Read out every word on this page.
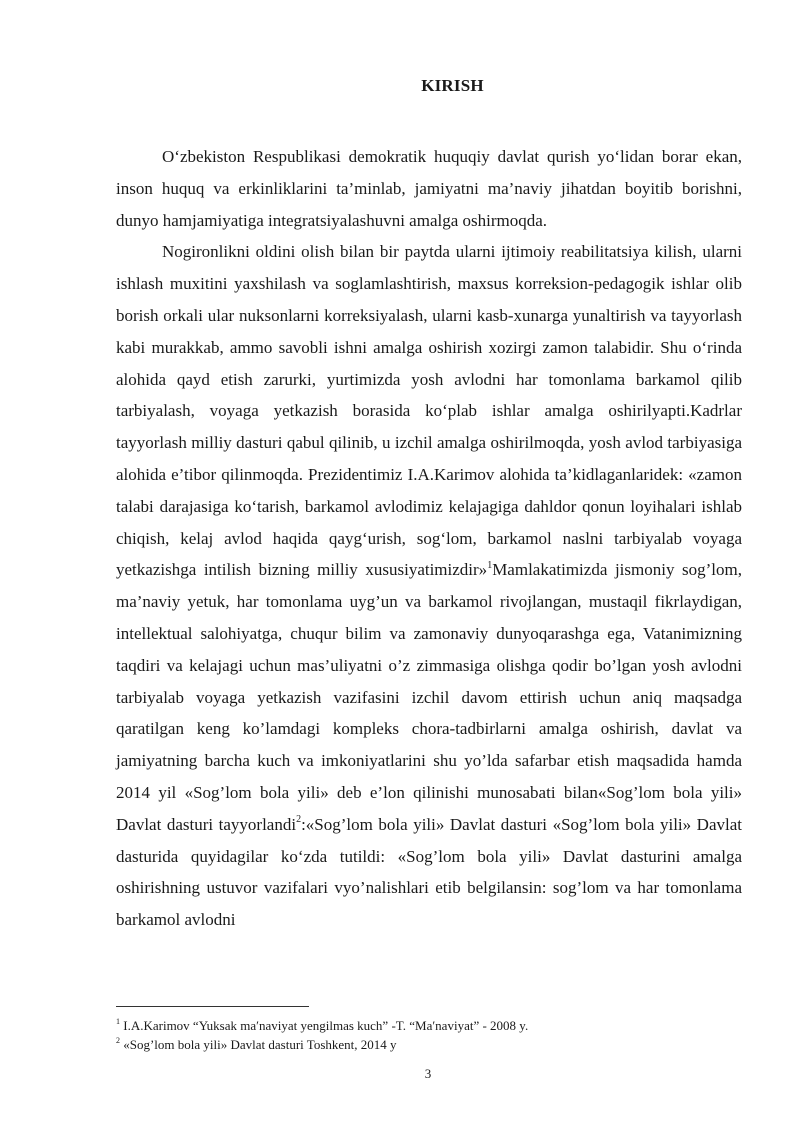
KIRISH

O‘zbekiston Respublikasi demokratik huquqiy davlat qurish yo‘lidan borar ekan, inson huquq va erkinliklarini ta’minlab, jamiyatni ma’naviy jihatdan boyitib borishni, dunyo hamjamiyatiga integratsiyalashuvni amalga oshirmoqda.

Nogironlikni oldini olish bilan bir paytda ularni ijtimoiy reabilitatsiya kilish, ularni ishlash muxitini yaxshilash va soglamlashtirish, maxsus korreksion-pedagogik ishlar olib borish orkali ular nuksonlarni korreksiyalash, ularni kasb-xunarga yunaltirish va tayyorlash kabi murakkab, ammo savobli ishni amalga oshirish xozirgi zamon talabidir. Shu o‘rinda alohida qayd etish zarurki, yurtimizda yosh avlodni har tomonlama barkamol qilib tarbiyalash, voyaga yetkazish borasida ko‘plab ishlar amalga oshirilyapti.Kadrlar tayyorlash milliy dasturi qabul qilinib, u izchil amalga oshirilmoqda, yosh avlod tarbiyasiga alohida e’tibor qilinmoqda. Prezidentimiz I.A.Karimov alohida ta’kidlaganlaridek: «zamon talabi darajasiga ko‘tarish, barkamol avlodimiz kelajagiga dahldor qonun loyihalari ishlab chiqish, kelaj avlod haqida qayg‘urish, sog‘lom, barkamol naslni tarbiyalab voyaga yetkazishga intilish bizning milliy xususiyatimizdir»$^1$Mamlakatimizda jismoniy sog’lom, ma’naviy yetuk, har tomonlama uyg’un va barkamol rivojlangan, mustaqil fikrlaydigan, intellektual salohiyatga, chuqur bilim va zamonaviy dunyoqarashga ega, Vatanimizning taqdiri va kelajagi uchun mas’uliyatni o’z zimmasiga olishga qodir bo’lgan yosh avlodni tarbiyalab voyaga yetkazish vazifasini izchil davom ettirish uchun aniq maqsadga qaratilgan keng ko’lamdagi kompleks chora-tadbirlarni amalga oshirish, davlat va jamiyatning barcha kuch va imkoniyatlarini shu yo’lda safarbar etish maqsadida hamda 2014 yil «Sog’lom bola yili» deb e’lon qilinishi munosabati bilan«Sog’lom bola yili» Davlat dasturi tayyorlandi$^2$:«Sog’lom bola yili» Davlat dasturi «Sog’lom bola yili» Davlat dasturida quyidagilar ko‘zda tutildi: «Sog’lom bola yili» Davlat dasturini amalga oshirishning ustuvor vazifalari vyo’nalishlari etib belgilansin: sog’lom va har tomonlama barkamol avlodni

$^1$ I.A.Karimov “Yuksak maʹnaviyat yengilmas kuch” -T. “Maʹnaviyat” - 2008 y.
$^2$ «Sog’lom bola yili» Davlat dasturi Toshkent, 2014 y
3
